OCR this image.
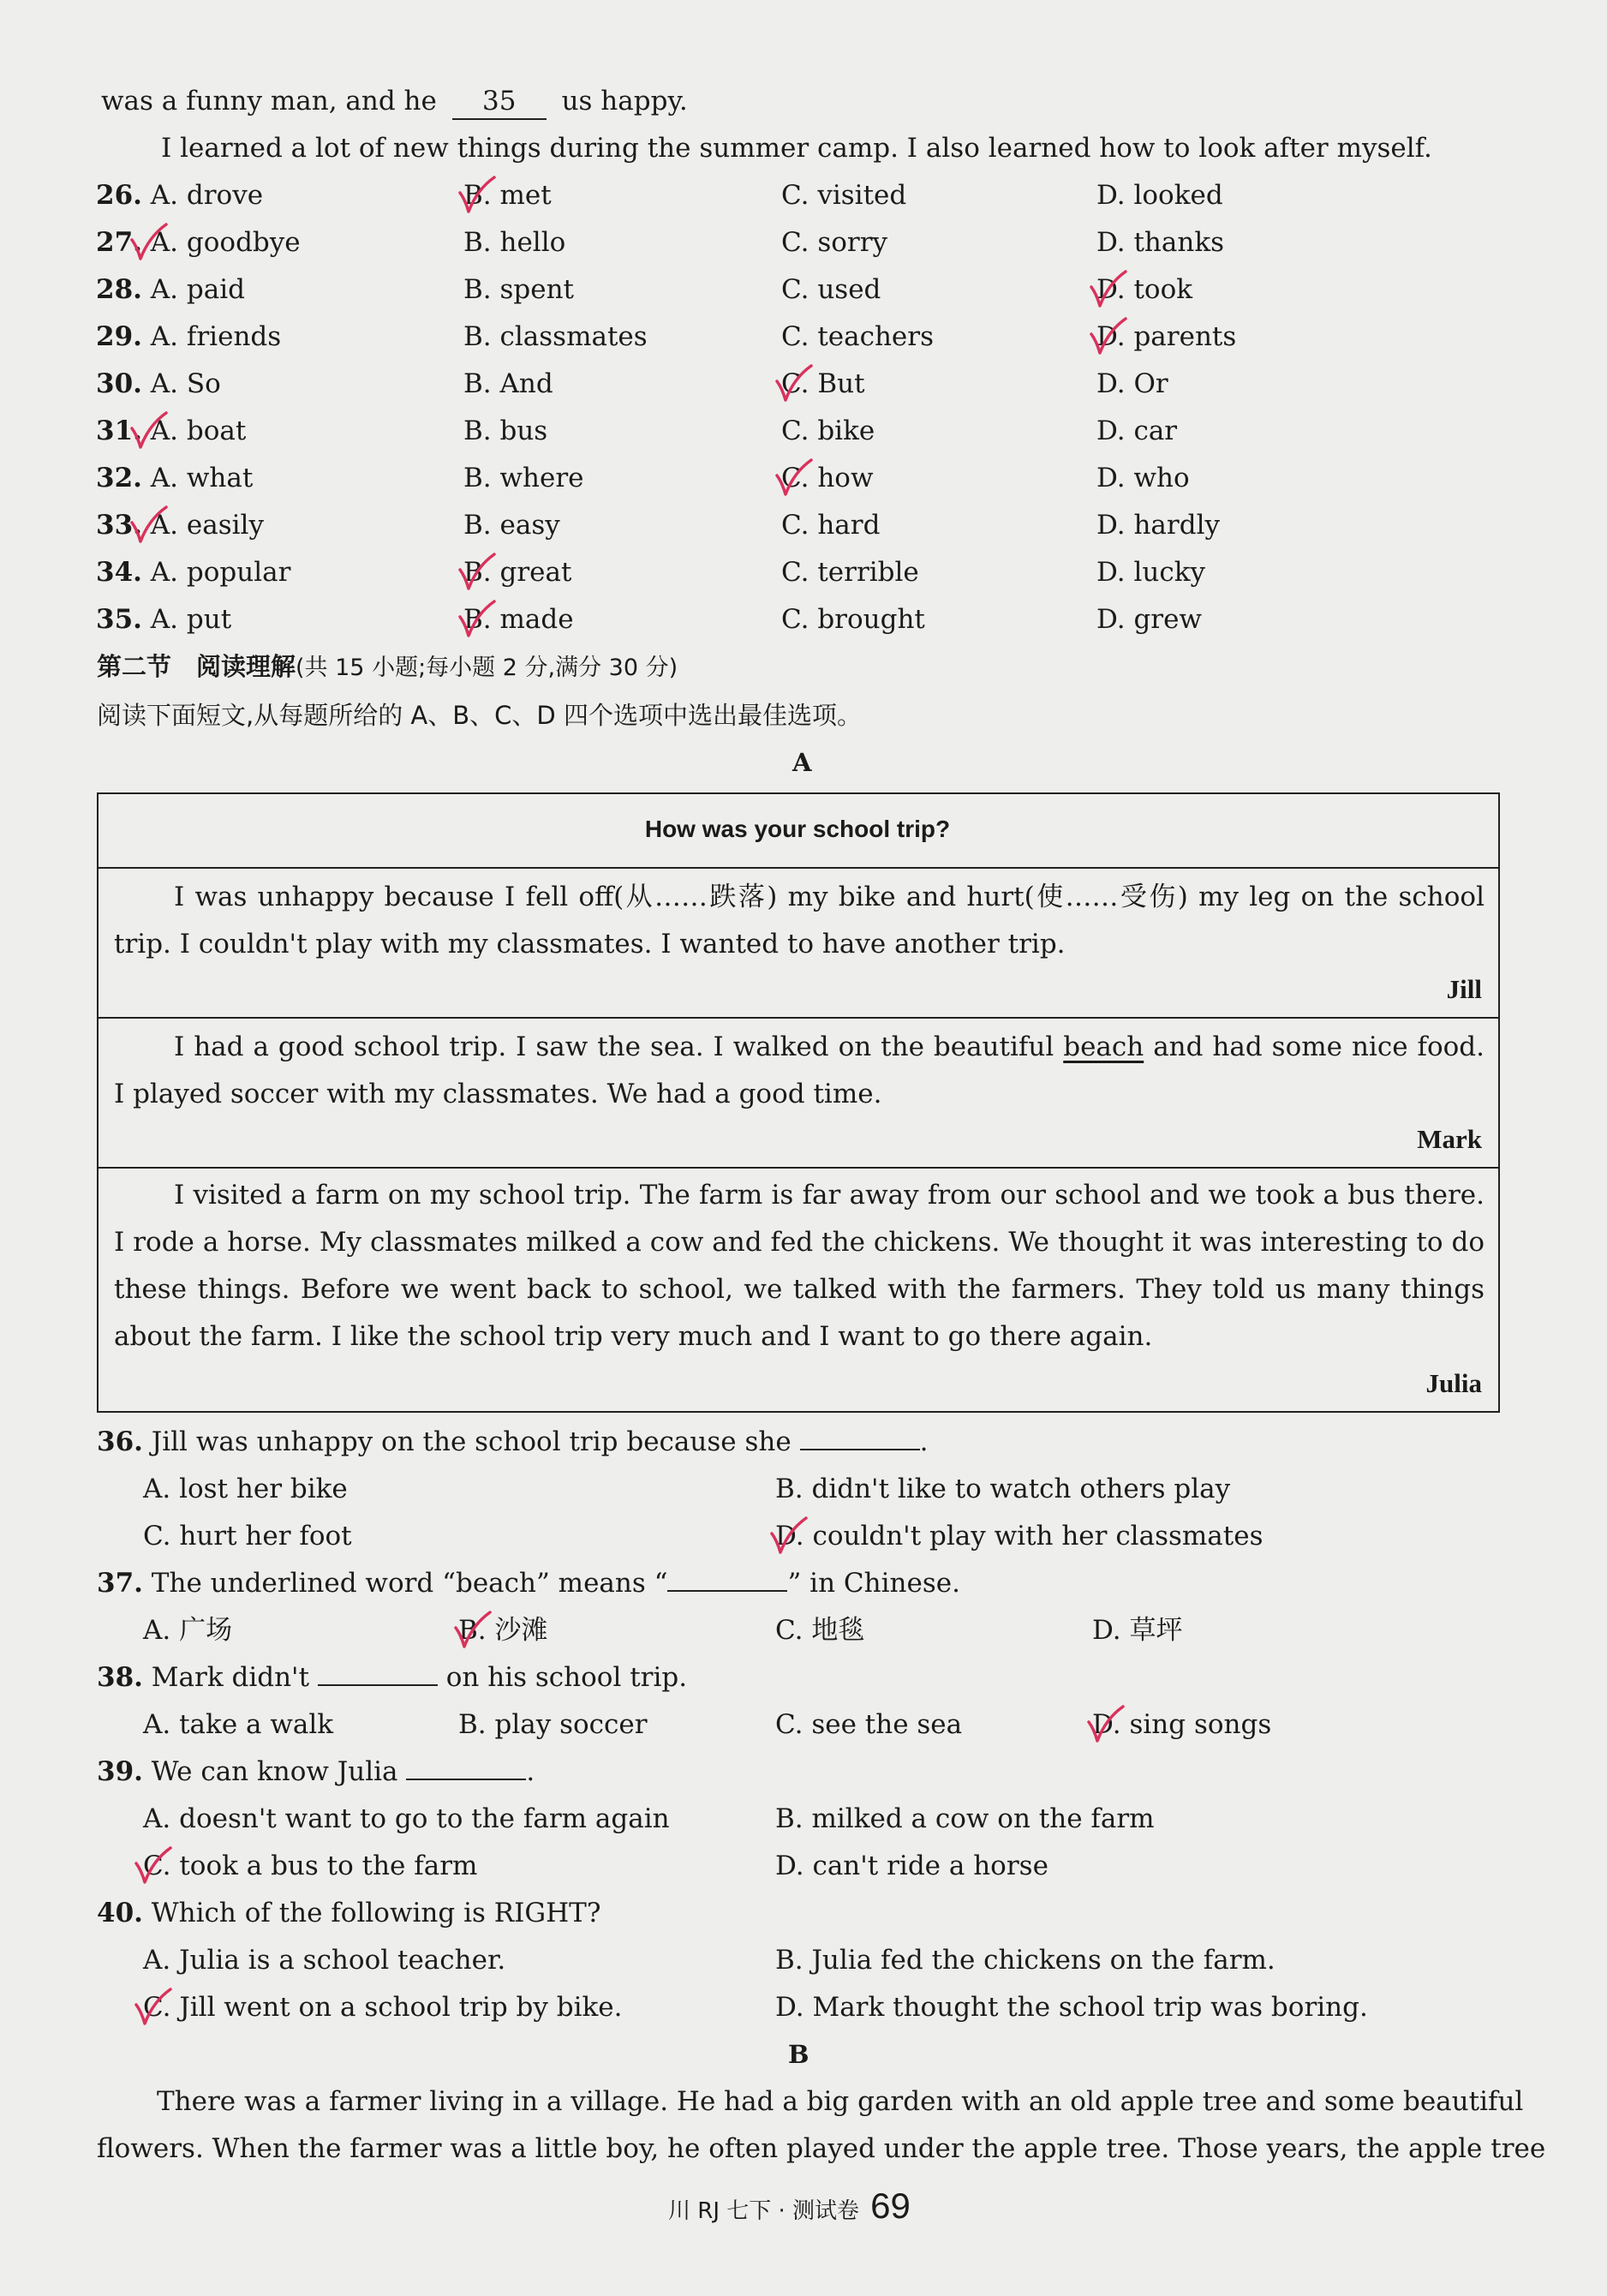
was a funny man, and he 35 us happy.
I learned a lot of new things during the summer camp. I also learned how to look after myself.
26. A. drove	B. met	C. visited	D. looked
27. A. goodbye	B. hello	C. sorry	D. thanks
28. A. paid	B. spent	C. used	D. took
29. A. friends	B. classmates	C. teachers	D. parents
30. A. So	B. And	C. But	D. Or
31. A. boat	B. bus	C. bike	D. car
32. A. what	B. where	C. how	D. who
33. A. easily	B. easy	C. hard	D. hardly
34. A. popular	B. great	C. terrible	D. lucky
35. A. put	B. made	C. brought	D. grew
第二节　阅读理解(共 15 小题;每小题 2 分,满分 30 分)
阅读下面短文,从每题所给的 A、B、C、D 四个选项中选出最佳选项。
A
How was your school trip?
I was unhappy because I fell off(从……跌落) my bike and hurt(使……受伤) my leg on the school trip. I couldn't play with my classmates. I wanted to have another trip.
Jill
I had a good school trip. I saw the sea. I walked on the beautiful beach and had some nice food. I played soccer with my classmates. We had a good time.
Mark
I visited a farm on my school trip. The farm is far away from our school and we took a bus there. I rode a horse. My classmates milked a cow and fed the chickens. We thought it was interesting to do these things. Before we went back to school, we talked with the farmers. They told us many things about the farm. I like the school trip very much and I want to go there again.
Julia
36. Jill was unhappy on the school trip because she	.
A. lost her bike	B. didn't like to watch others play
C. hurt her foot	D. couldn't play with her classmates
37. The underlined word “beach” means “	” in Chinese.
A. 广场	B. 沙滩	C. 地毯	D. 草坪
38. Mark didn't	on his school trip.
A. take a walk	B. play soccer	C. see the sea	D. sing songs
39. We can know Julia	.
A. doesn't want to go to the farm again	B. milked a cow on the farm
C. took a bus to the farm	D. can't ride a horse
40. Which of the following is RIGHT?
A. Julia is a school teacher.	B. Julia fed the chickens on the farm.
C. Jill went on a school trip by bike.	D. Mark thought the school trip was boring.
B
There was a farmer living in a village. He had a big garden with an old apple tree and some beautiful
flowers. When the farmer was a little boy, he often played under the apple tree. Those years, the apple tree
川 RJ 七下 · 测试卷 69
